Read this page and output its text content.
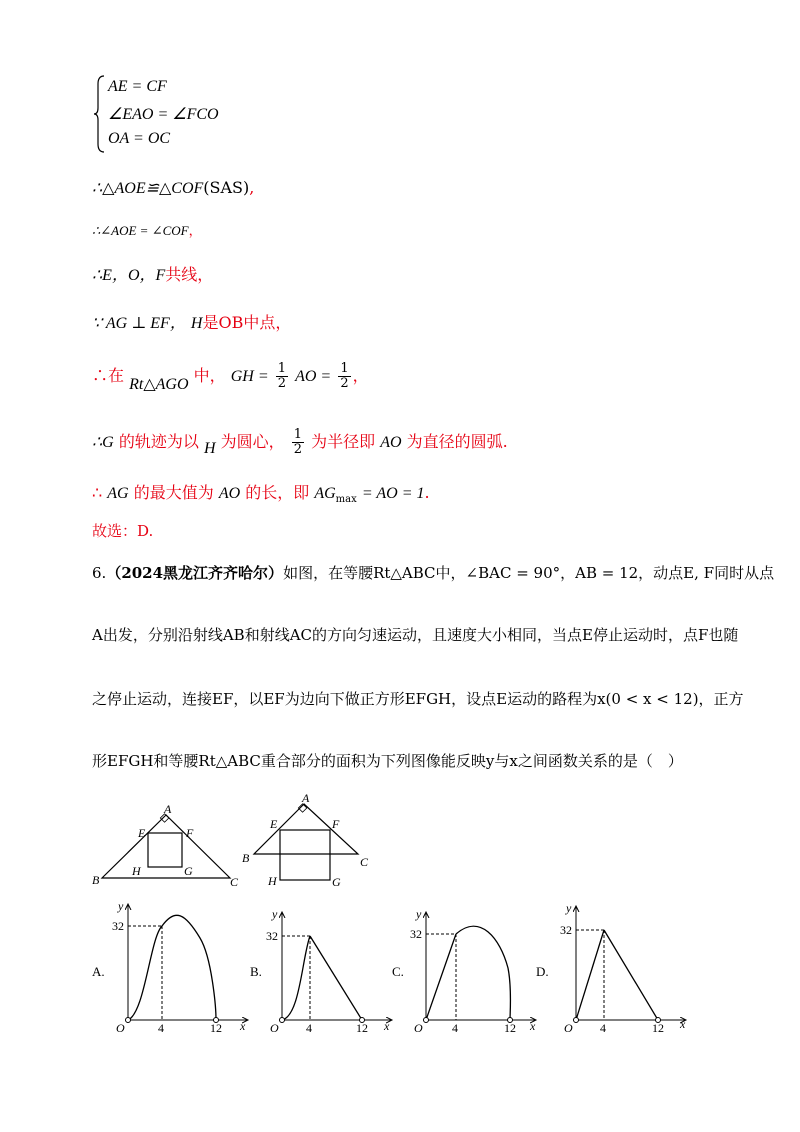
AE = CF
∠EAO = ∠FCO
OA = OC
∴△AOE≌△COF(SAS),
∴∠AOE = ∠COF，
∴E，O，F共线，
∵ AG ⊥ EF， H是OB中点，
∴在 Rt△AGO 中， GH = $\frac{1}{2}$ AO = $\frac{1}{2}$ ，
∴G 的轨迹为以 H 为圆心， $\frac{1}{2}$ 为半径即 AO 为直径的圆弧.
∴ AG 的最大值为 AO 的长，即 $AG_{max}$ = AO = 1.
故选：D.
6.（2024黑龙江齐齐哈尔）如图，在等腰Rt△ABC中，∠BAC = 90°，AB = 12，动点E, F同时从点
A出发，分别沿射线AB和射线AC的方向匀速运动，且速度大小相同，当点E停止运动时，点F也随
之停止运动，连接EF，以EF为边向下做正方形EFGH，设点E运动的路程为x(0 < x < 12)，正方
形EFGH和等腰Rt△ABC重合部分的面积为下列图像能反映y与x之间函数关系的是（　）
A
E	F
H	G
B	C
A
E	F
B	C
H	G
A.
y
x
O	4	12
32
B.
y
x
O 4	12
32
C.
y
x
O 4	12
32
D.
y
x
O 4	12
32
